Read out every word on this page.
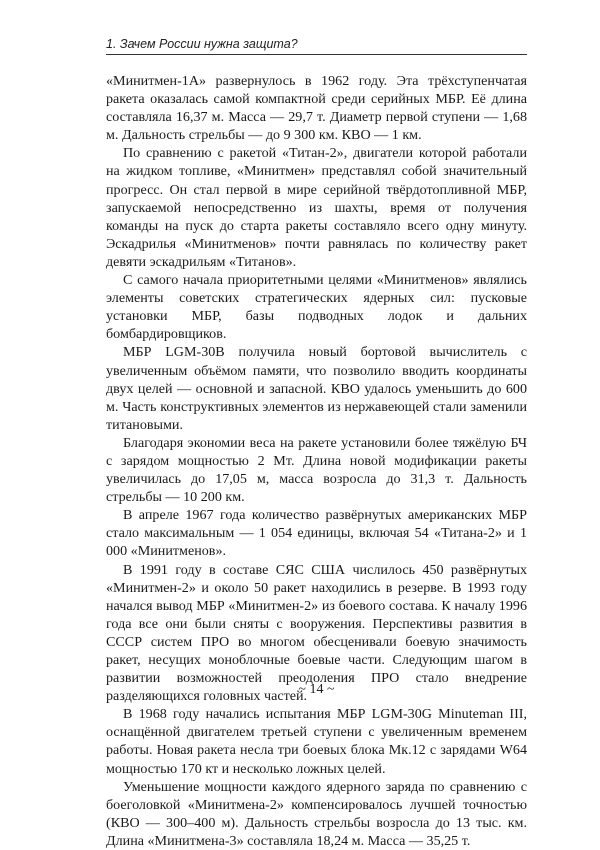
1. Зачем России нужна защита?

«Минитмен-1А» развернулось в 1962 году. Эта трёхступенчатая ракета оказалась самой компактной среди серийных МБР. Её длина составляла 16,37 м. Масса — 29,7 т. Диаметр первой ступени — 1,68 м. Дальность стрельбы — до 9 300 км. КВО — 1 км.

По сравнению с ракетой «Титан-2», двигатели которой работали на жидком топливе, «Минитмен» представлял собой значительный прогресс. Он стал первой в мире серийной твёрдотопливной МБР, запускаемой непосредственно из шахты, время от получения команды на пуск до старта ракеты составляло всего одну минуту. Эскадрилья «Минитменов» почти равнялась по количеству ракет девяти эскадрильям «Титанов».

С самого начала приоритетными целями «Минитменов» являлись элементы советских стратегических ядерных сил: пусковые установки МБР, базы подводных лодок и дальних бомбардировщиков.

МБР LGM-30B получила новый бортовой вычислитель с увеличенным объёмом памяти, что позволило вводить координаты двух целей — основной и запасной. КВО удалось уменьшить до 600 м. Часть конструктивных элементов из нержавеющей стали заменили титановыми.

Благодаря экономии веса на ракете установили более тяжёлую БЧ с зарядом мощностью 2 Мт. Длина новой модификации ракеты увеличилась до 17,05 м, масса возросла до 31,3 т. Дальность стрельбы — 10 200 км.

В апреле 1967 года количество развёрнутых американских МБР стало максимальным — 1 054 единицы, включая 54 «Титана-2» и 1 000 «Минитменов».

В 1991 году в составе СЯС США числилось 450 развёрнутых «Минитмен-2» и около 50 ракет находились в резерве. В 1993 году начался вывод МБР «Минитмен-2» из боевого состава. К началу 1996 года все они были сняты с вооружения. Перспективы развития в СССР систем ПРО во многом обесценивали боевую значимость ракет, несущих моноблочные боевые части. Следующим шагом в развитии возможностей преодоления ПРО стало внедрение разделяющихся головных частей.

В 1968 году начались испытания МБР LGM-30G Minuteman III, оснащённой двигателем третьей ступени с увеличенным временем работы. Новая ракета несла три боевых блока Мк.12 с зарядами W64 мощностью 170 кт и несколько ложных целей.

Уменьшение мощности каждого ядерного заряда по сравнению с боеголовкой «Минитмена-2» компенсировалось лучшей точностью (КВО — 300–400 м). Дальность стрельбы возросла до 13 тыс. км. Длина «Минитмена-3» составляла 18,24 м. Масса — 35,25 т.

~ 14 ~
